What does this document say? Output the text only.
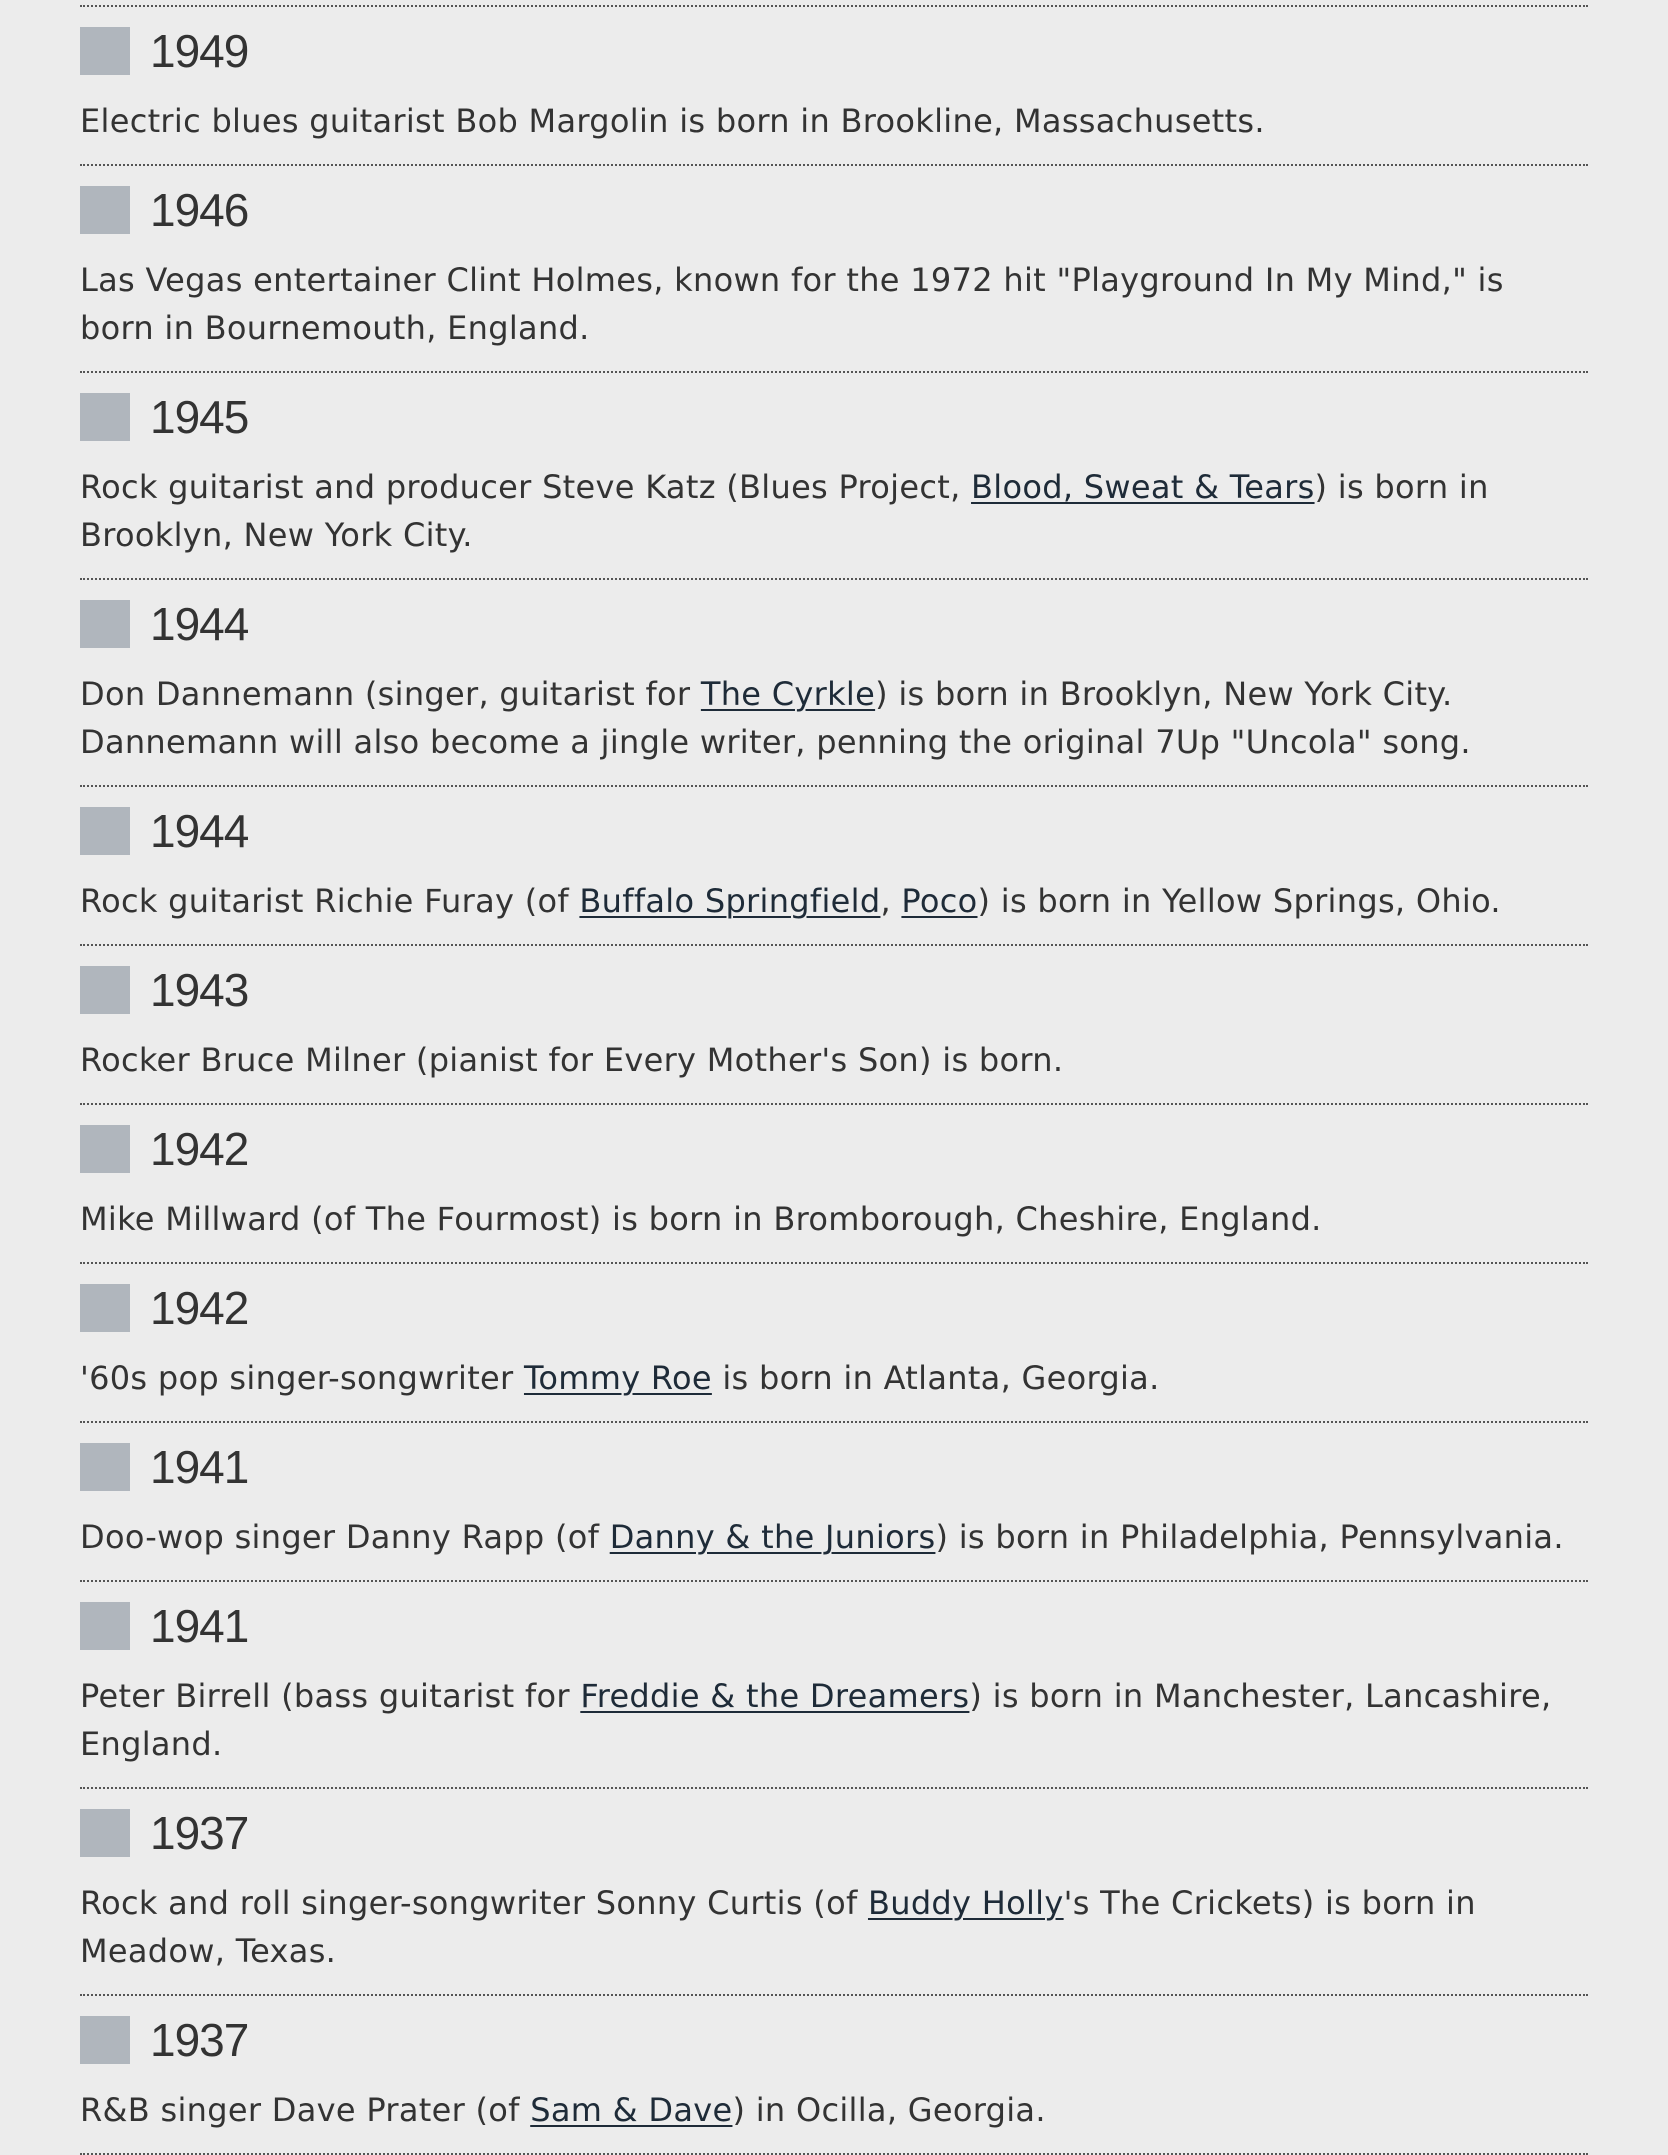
1949
Electric blues guitarist Bob Margolin is born in Brookline, Massachusetts.
1946
Las Vegas entertainer Clint Holmes, known for the 1972 hit "Playground In My Mind," is born in Bournemouth, England.
1945
Rock guitarist and producer Steve Katz (Blues Project, Blood, Sweat & Tears) is born in Brooklyn, New York City.
1944
Don Dannemann (singer, guitarist for The Cyrkle) is born in Brooklyn, New York City. Dannemann will also become a jingle writer, penning the original 7Up "Uncola" song.
1944
Rock guitarist Richie Furay (of Buffalo Springfield, Poco) is born in Yellow Springs, Ohio.
1943
Rocker Bruce Milner (pianist for Every Mother's Son) is born.
1942
Mike Millward (of The Fourmost) is born in Bromborough, Cheshire, England.
1942
'60s pop singer-songwriter Tommy Roe is born in Atlanta, Georgia.
1941
Doo-wop singer Danny Rapp (of Danny & the Juniors) is born in Philadelphia, Pennsylvania.
1941
Peter Birrell (bass guitarist for Freddie & the Dreamers) is born in Manchester, Lancashire, England.
1937
Rock and roll singer-songwriter Sonny Curtis (of Buddy Holly's The Crickets) is born in Meadow, Texas.
1937
R&B singer Dave Prater (of Sam & Dave) in Ocilla, Georgia.
